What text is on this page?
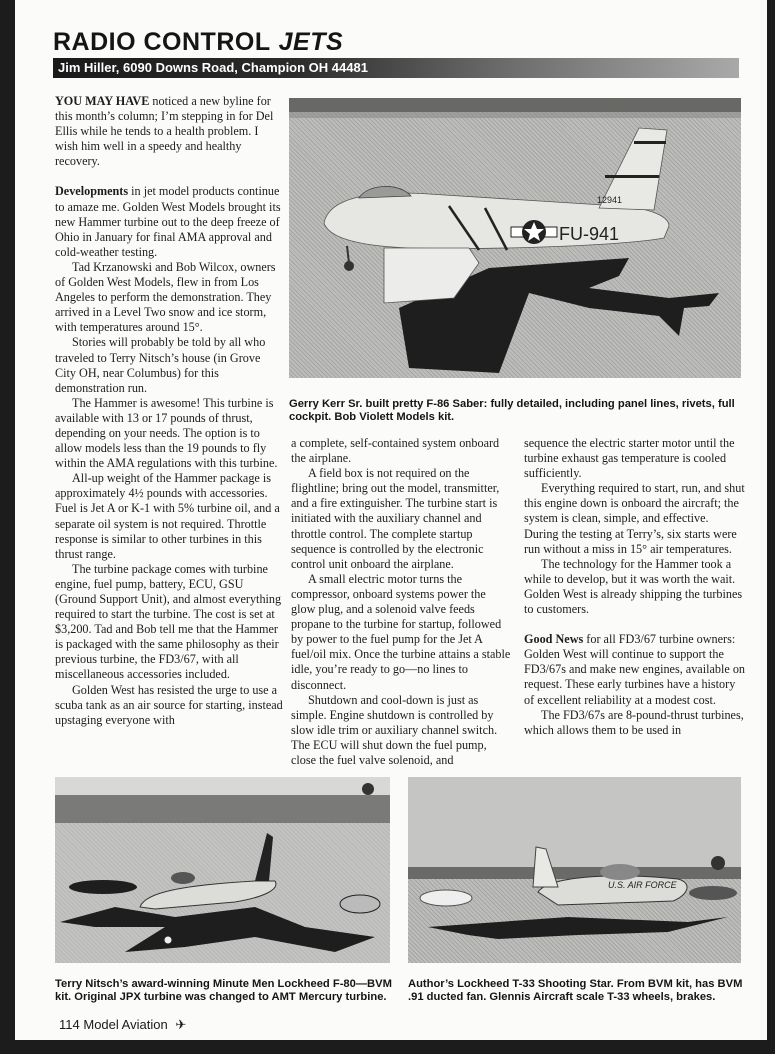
RADIO CONTROL JETS
Jim Hiller, 6090 Downs Road, Champion OH 44481

YOU MAY HAVE noticed a new byline for this month’s column; I’m stepping in for Del Ellis while he tends to a health problem. I wish him well in a speedy and healthy recovery.

Developments in jet model products continue to amaze me. Golden West Models brought its new Hammer turbine out to the deep freeze of Ohio in January for final AMA approval and cold-weather testing.

Tad Krzanowski and Bob Wilcox, owners of Golden West Models, flew in from Los Angeles to perform the demonstration. They arrived in a Level Two snow and ice storm, with temperatures around 15°.

Stories will probably be told by all who traveled to Terry Nitsch’s house (in Grove City OH, near Columbus) for this demonstration run.

The Hammer is awesome! This turbine is available with 13 or 17 pounds of thrust, depending on your needs. The option is to allow models less than the 19 pounds to fly within the AMA regulations with this turbine.

All-up weight of the Hammer package is approximately 4½ pounds with accessories. Fuel is Jet A or K-1 with 5% turbine oil, and a separate oil system is not required. Throttle response is similar to other turbines in this thrust range.

The turbine package comes with turbine engine, fuel pump, battery, ECU, GSU (Ground Support Unit), and almost everything required to start the turbine. The cost is set at $3,200. Tad and Bob tell me that the Hammer is packaged with the same philosophy as their previous turbine, the FD3/67, with all miscellaneous accessories included.

Golden West has resisted the urge to use a scuba tank as an air source for starting, instead upstaging everyone with

12941
FU-941
Gerry Kerr Sr. built pretty F-86 Saber: fully detailed, including panel lines, rivets, full cockpit. Bob Violett Models kit.

a complete, self-contained system onboard the airplane.

A field box is not required on the flightline; bring out the model, transmitter, and a fire extinguisher. The turbine start is initiated with the auxiliary channel and throttle control. The complete startup sequence is controlled by the electronic control unit onboard the airplane.

A small electric motor turns the compressor, onboard systems power the glow plug, and a solenoid valve feeds propane to the turbine for startup, followed by power to the fuel pump for the Jet A fuel/oil mix. Once the turbine attains a stable idle, you’re ready to go—no lines to disconnect.

Shutdown and cool-down is just as simple. Engine shutdown is controlled by slow idle trim or auxiliary channel switch. The ECU will shut down the fuel pump, close the fuel valve solenoid, and

sequence the electric starter motor until the turbine exhaust gas temperature is cooled sufficiently.

Everything required to start, run, and shut this engine down is onboard the aircraft; the system is clean, simple, and effective. During the testing at Terry’s, six starts were run without a miss in 15° air temperatures.

The technology for the Hammer took a while to develop, but it was worth the wait. Golden West is already shipping the turbines to customers.

Good News for all FD3/67 turbine owners: Golden West will continue to support the FD3/67s and make new engines, available on request. These early turbines have a history of excellent reliability at a modest cost.

The FD3/67s are 8-pound-thrust turbines, which allows them to be used in

U.S. AIR FORCE
Terry Nitsch’s award-winning Minute Men Lockheed F-80—BVM kit. Original JPX turbine was changed to AMT Mercury turbine.
Author’s Lockheed T-33 Shooting Star. From BVM kit, has BVM .91 ducted fan. Glennis Aircraft scale T-33 wheels, brakes.
114 Model Aviation ✈
